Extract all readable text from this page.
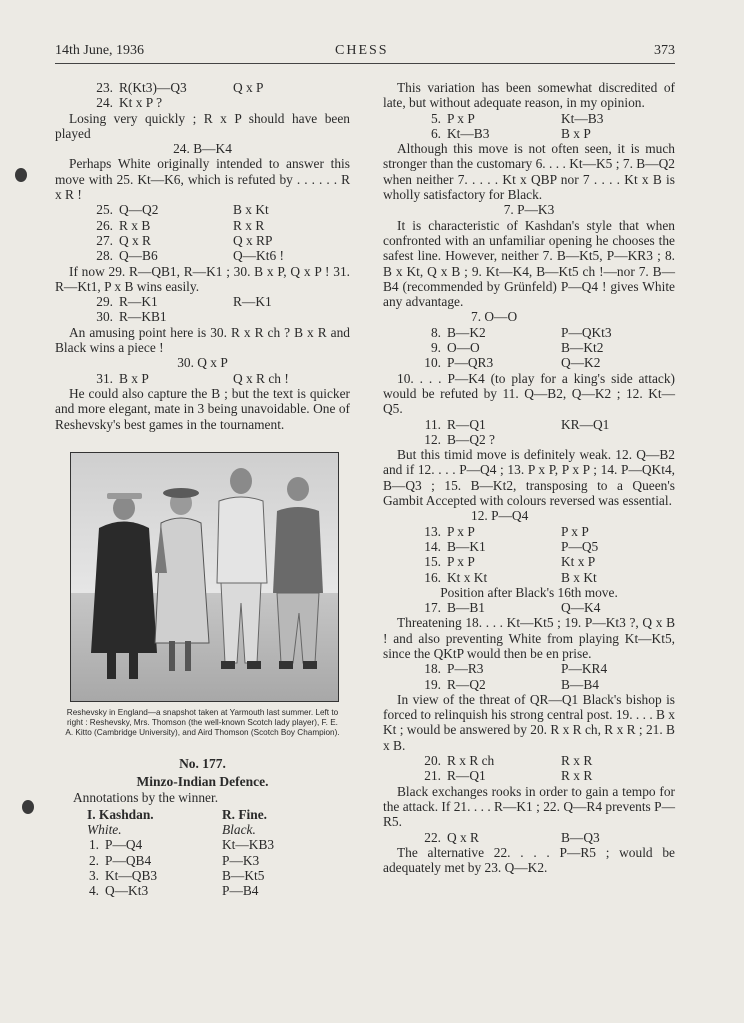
14th June, 1936	CHESS	373
23. R(Kt3)—Q3	Q x P
24. Kt x P ?
Losing very quickly ; R x P should have been played
24. B—K4
Perhaps White originally intended to answer this move with 25. Kt—K6, which is refuted by . . . . . . R x R !
25. Q—Q2	B x Kt
26. R x B	R x R
27. Q x R	Q x RP
28. Q—B6	Q—Kt6 !
If now 29. R—QB1, R—K1 ; 30. B x P, Q x P ! 31. R—Kt1, P x B wins easily.
29. R—K1	R—K1
30. R—KB1
An amusing point here is 30. R x R ch ? B x R and Black wins a piece !
30. Q x P
31. B x P	Q x R ch !
He could also capture the B ; but the text is quicker and more elegant, mate in 3 being unavoidable. One of Reshevsky's best games in the tournament.
Reshevsky in England—a snapshot taken at Yarmouth last summer. Left to right : Reshevsky, Mrs. Thomson (the well-known Scotch lady player), F. E. A. Kitto (Cambridge University), and Aird Thomson (Scotch Boy Champion).
No. 177.
Minzo-Indian Defence.
Annotations by the winner.
I. Kashdan.	R. Fine.
White.	Black.
1. P—Q4	Kt—KB3
2. P—QB4	P—K3
3. Kt—QB3	B—Kt5
4. Q—Kt3	P—B4
This variation has been somewhat discredited of late, but without adequate reason, in my opinion.
5. P x P	Kt—B3
6. Kt—B3	B x P
Although this move is not often seen, it is much stronger than the customary 6. . . . Kt—K5 ; 7. B—Q2 when neither 7. . . . . Kt x QBP nor 7 . . . . Kt x B is wholly satisfactory for Black.
7. P—K3
It is characteristic of Kashdan's style that when confronted with an unfamiliar opening he chooses the safest line. However, neither 7. B—Kt5, P—KR3 ; 8. B x Kt, Q x B ; 9. Kt—K4, B—Kt5 ch !—nor 7. B—B4 (recommended by Grünfeld) P—Q4 ! gives White any advantage.
7. O—O
8. B—K2	P—QKt3
9. O—O	B—Kt2
10. P—QR3	Q—K2
10. . . . P—K4 (to play for a king's side attack) would be refuted by 11. Q—B2, Q—K2 ; 12. Kt—Q5.
11. R—Q1	KR—Q1
12. B—Q2 ?
But this timid move is definitely weak. 12. Q—B2 and if 12. . . . P—Q4 ; 13. P x P, P x P ; 14. P—QKt4, B—Q3 ; 15. B—Kt2, transposing to a Queen's Gambit Accepted with colours reversed was essential.
12. P—Q4
13. P x P	P x P
14. B—K1	P—Q5
15. P x P	Kt x P
16. Kt x Kt	B x Kt
Position after Black's 16th move.
17. B—B1	Q—K4
Threatening 18. . . . Kt—Kt5 ; 19. P—Kt3 ?, Q x B ! and also preventing White from playing Kt—Kt5, since the QKtP would then be en prise.
18. P—R3	P—KR4
19. R—Q2	B—B4
In view of the threat of QR—Q1 Black's bishop is forced to relinquish his strong central post. 19. . . . B x Kt ; would be answered by 20. R x R ch, R x R ; 21. B x B.
20. R x R ch	R x R
21. R—Q1	R x R
Black exchanges rooks in order to gain a tempo for the attack. If 21. . . . R—K1 ; 22. Q—R4 prevents P—R5.
22. Q x R	B—Q3
The alternative 22. . . . P—R5 ; would be adequately met by 23. Q—K2.
